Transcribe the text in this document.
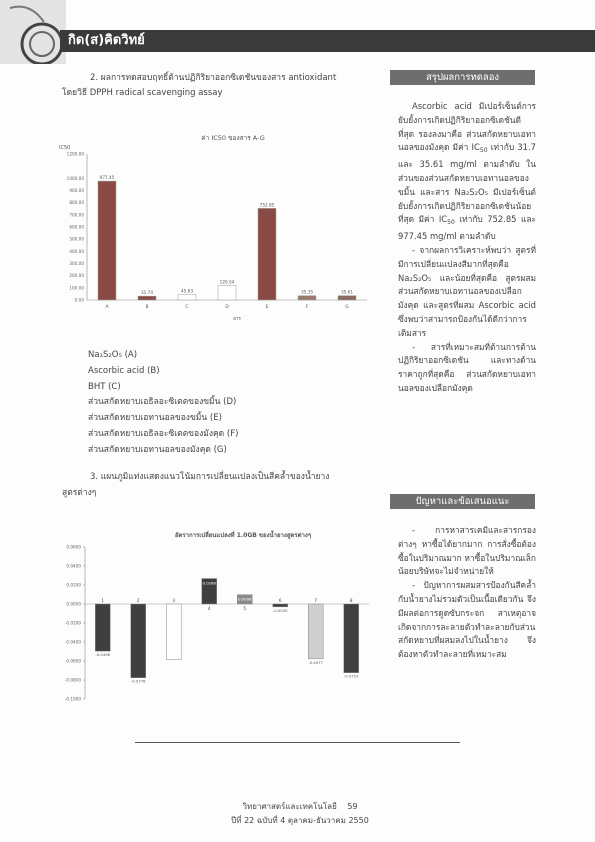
กิด(ส)คิดวิทย์
2. ผลการทดสอบฤทธิ์ต้านปฏิกิริยาออกซิเดชันของสาร antioxidant
โดยวิธี DPPH radical scavenging assay
ค่า IC50 ของสาร A-G
IC50
สาร
0.00
100.00
200.00
300.00
400.00
500.00
600.00
700.00
800.00
900.00
1000.00
1200.00
977.45
A
31.74
B
45.93
C
120.54
D
752.85
E
35.35
F
35.61
G
Na₂S₂O₅ (A)
Ascorbic acid (B)
BHT (C)
ส่วนสกัดหยาบเอธิลอะซิเตตของขมิ้น (D)
ส่วนสกัดหยาบเอทานอลของขมิ้น (E)
ส่วนสกัดหยาบเอธิลอะซิเตตของมังคุด (F)
ส่วนสกัดหยาบเอทานอลของมังคุด (G)
3. แผนภูมิแท่งแสดงแนวโน้มการเปลี่ยนแปลงเป็นสีคล้ำของน้ำยาง
สูตรต่างๆ
อัตราการเปลี่ยนแปลงที่ 1.0GB ของน้ำยางสูตรต่างๆ
0.0600
0.0400
0.0200
0.0000
-0.0200
-0.0400
-0.0600
-0.0800
-0.1000
1
-0.0496
2
-0.0776
3
4
0.0268
5
0.0098	6
-0.0030
7
-0.0577
8
-0.0723
สรุปผลการทดลอง

Ascorbic acid มีเปอร์เซ็นต์การยับยั้งการเกิดปฏิกิริยาออกซิเดชันดีที่สุด รองลงมาคือ ส่วนสกัดหยาบเอทานอลของมังคุด มีค่า $IC_{50}$ เท่ากับ 31.7 และ 35.61 mg/ml ตามลำดับ ในส่วนของส่วนสกัดหยาบเอทานอลของขมิ้น และสาร Na₂S₂O₅ มีเปอร์เซ็นต์ยับยั้งการเกิดปฏิกิริยาออกซิเดชันน้อยที่สุด มีค่า $IC_{50}$ เท่ากับ 752.85 และ 977.45 mg/ml ตามลำดับ

- จากผลการวิเคราะห์พบว่า สูตรที่มีการเปลี่ยนแปลงสีมากที่สุดคือ Na₂S₂O₅ และน้อยที่สุดคือ สูตรผสมส่วนสกัดหยาบเอทานอลของเปลือกมังคุด และสูตรที่ผสม Ascorbic acid ซึ่งพบว่าสามารถป้องกันได้ดีกว่าการเติมสาร

- สารที่เหมาะสมที่ต้านการต้านปฏิกิริยาออกซิเดชัน และทางด้านราคาถูกที่สุดคือ ส่วนสกัดหยาบเอทานอลของเปลือกมังคุด

ปัญหาและข้อเสนอแนะ

- การหาสารเคมีและสารกรองต่างๆ หาซื้อได้ยากมาก การสั่งซื้อต้องซื้อในปริมาณมาก หาซื้อในปริมาณเล็กน้อยบริษัทจะไม่จำหน่ายให้

- ปัญหาการผสมสารป้องกันสีคล้ำกับน้ำยางไม่รวมตัวเป็นเนื้อเดียวกัน จึงมีผลต่อการดูดซับกระจก สาเหตุอาจเกิดจากการละลายตัวทำละลายกับส่วนสกัดหยาบที่ผสมลงไปในน้ำยาง จึงต้องหาตัวทำละลายที่เหมาะสม

วิทยาศาสตร์และเทคโนโลยี 59
ปีที่ 22 ฉบับที่ 4 ตุลาคม-ธันวาคม 2550
